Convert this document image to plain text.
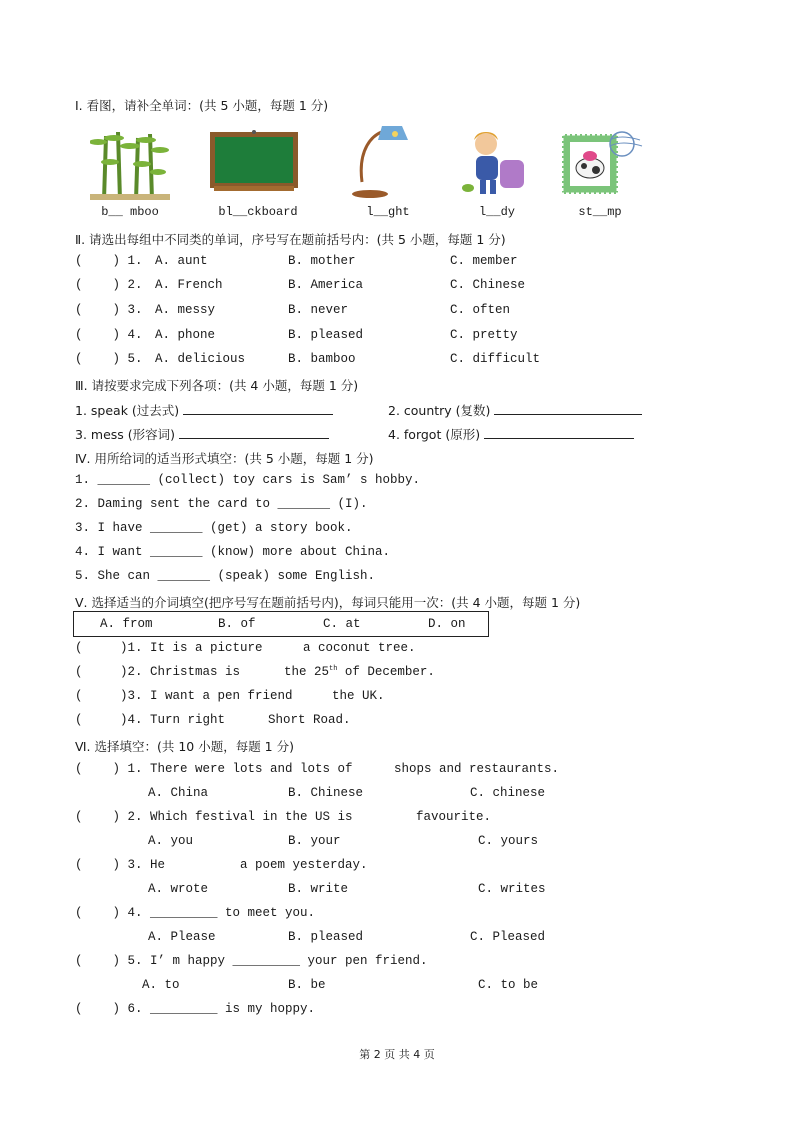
Ⅰ. 看图，请补全单词：(共 5 小题，每题 1 分)
b__ mboo	bl__ckboard	l__ght	l__dy	st__mp
Ⅱ. 请选出每组中不同类的单词，序号写在题前括号内：(共 5 小题，每题 1 分)
(    ) 1. A. aunt	B. mother	C. member
(    ) 2. A. French	B. America	C. Chinese
(    ) 3. A. messy	B. never	C. often
(    ) 4. A. phone	B. pleased	C. pretty
(    ) 5. A. delicious	B. bamboo	C. difficult
Ⅲ. 请按要求完成下列各项：(共 4 小题，每题 1 分)
1. speak (过去式)	2. country (复数)
3. mess (形容词)	4. forgot (原形)
Ⅳ. 用所给词的适当形式填空：(共 5 小题，每题 1 分)
1. _______ (collect) toy cars is Sam’ s hobby.
2. Daming sent the card to _______ (I).
3. I have _______ (get) a story book.
4. I want _______ (know) more about China.
5. She can _______ (speak) some English.
Ⅴ. 选择适当的介词填空(把序号写在题前括号内)，每词只能用一次：(共 4 小题，每题 1 分)
A. from	B. of	C. at	D. on
(     )1. It is a picture	a coconut tree.
(     )2. Christmas is	the 25th of December.
(     )3. I want a pen friend	the UK.
(     )4. Turn right	Short Road.
Ⅵ. 选择填空：(共 10 小题，每题 1 分)
(    ) 1. There were lots and lots of	shops and restaurants.
A. China	B. Chinese	C. chinese
(    ) 2. Which festival in the US is	favourite.
A. you	B. your	C. yours
(    ) 3. He	a poem yesterday.
A. wrote	B. write	C. writes
(    ) 4. _________ to meet you.
A. Please	B. pleased	C. Pleased
(    ) 5. I’ m happy _________ your pen friend.
A. to	B. be	C. to be
(    ) 6. _________ is my hoppy.
第 2 页 共 4 页
